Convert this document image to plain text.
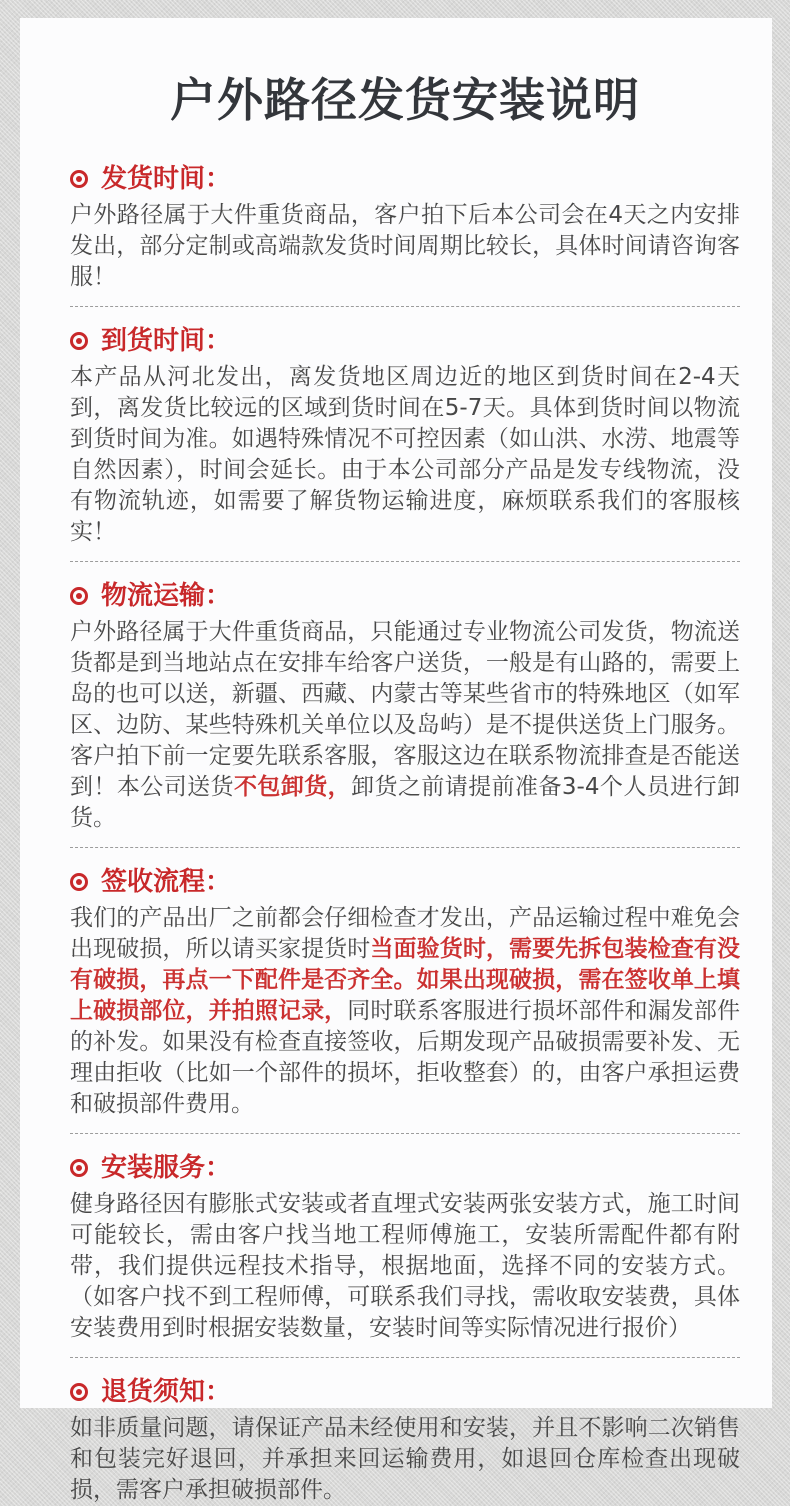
户外路径发货安装说明
发货时间：

户外路径属于大件重货商品，客户拍下后本公司会在4天之内安排发出，部分定制或高端款发货时间周期比较长，具体时间请咨询客服！

到货时间：

本产品从河北发出，离发货地区周边近的地区到货时间在2-4天到，离发货比较远的区域到货时间在5-7天。具体到货时间以物流到货时间为准。如遇特殊情况不可控因素（如山洪、水涝、地震等自然因素），时间会延长。由于本公司部分产品是发专线物流，没有物流轨迹，如需要了解货物运输进度，麻烦联系我们的客服核实！

物流运输：

户外路径属于大件重货商品，只能通过专业物流公司发货，物流送货都是到当地站点在安排车给客户送货，一般是有山路的，需要上岛的也可以送，新疆、西藏、内蒙古等某些省市的特殊地区（如军区、边防、某些特殊机关单位以及岛屿）是不提供送货上门服务。客户拍下前一定要先联系客服，客服这边在联系物流排查是否能送到！本公司送货不包卸货，卸货之前请提前准备3-4个人员进行卸货。

签收流程：

我们的产品出厂之前都会仔细检查才发出，产品运输过程中难免会出现破损，所以请买家提货时当面验货时，需要先拆包装检查有没有破损，再点一下配件是否齐全。如果出现破损，需在签收单上填上破损部位，并拍照记录，同时联系客服进行损坏部件和漏发部件的补发。如果没有检查直接签收，后期发现产品破损需要补发、无理由拒收（比如一个部件的损坏，拒收整套）的，由客户承担运费和破损部件费用。

安装服务：

健身路径因有膨胀式安装或者直埋式安装两张安装方式，施工时间可能较长，需由客户找当地工程师傅施工，安装所需配件都有附带，我们提供远程技术指导，根据地面，选择不同的安装方式。（如客户找不到工程师傅，可联系我们寻找，需收取安装费，具体安装费用到时根据安装数量，安装时间等实际情况进行报价）

退货须知：

如非质量问题，请保证产品未经使用和安装，并且不影响二次销售和包装完好退回，并承担来回运输费用，如退回仓库检查出现破损，需客户承担破损部件。
